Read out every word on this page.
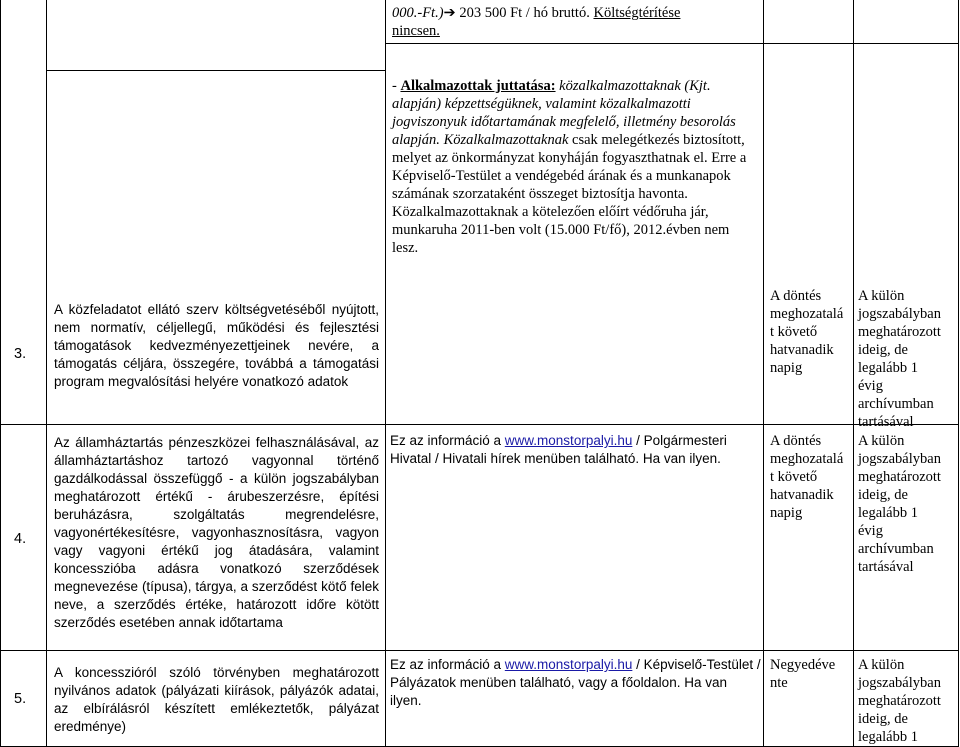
000.-Ft.)➔ 203 500 Ft / hó bruttó. Költségtérítése

nincsen.

- Alkalmazottak juttatása: közalkalmazottaknak (Kjt. alapján) képzettségüknek, valamint közalkalmazotti jogviszonyuk időtartamának megfelelő, illetmény besorolás alapján. Közalkalmazottaknak csak melegétkezés biztosított, melyet az önkormányzat konyháján fogyaszthatnak el. Erre a Képviselő-Testület a vendégebéd árának és a munkanapok számának szorzataként összeget biztosítja havonta. Közalkalmazottaknak a kötelezően előírt védőruha jár, munkaruha 2011-ben volt (15.000 Ft/fő), 2012.évben nem lesz.

3.
A közfeladatot ellátó szerv költségvetéséből nyújtott, nem normatív, céljellegű, működési és fejlesztési támogatások kedvezményezettjeinek nevére, a támogatás céljára, összegére, továbbá a támogatási program megvalósítási helyére vonatkozó adatok

A döntés

meghozatalá

t követő

hatvanadik

napig

A külön

jogszabályban

meghatározott

ideig, de

legalább 1

évig

archívumban

tartásával

4.
Az államháztartás pénzeszközei felhasználásával, az államháztartáshoz tartozó vagyonnal történő gazdálkodással összefüggő - a külön jogszabályban meghatározott értékű - árubeszerzésre, építési beruházásra, szolgáltatás megrendelésre, vagyonértékesítésre, vagyonhasznosításra, vagyon vagy vagyoni értékű jog átadására, valamint koncesszióba adásra vonatkozó szerződések megnevezése (típusa), tárgya, a szerződést kötő felek neve, a szerződés értéke, határozott időre kötött szerződés esetében annak időtartama
Ez az információ a www.monstorpalyi.hu / Polgármesteri Hivatal / Hivatali hírek menüben található. Ha van ilyen.

A döntés

meghozatalá

t követő

hatvanadik

napig

A külön

jogszabályban

meghatározott

ideig, de

legalább 1

évig

archívumban

tartásával

5.
A koncesszióról szóló törvényben meghatározott nyilvános adatok (pályázati kiírások, pályázók adatai, az elbírálásról készített emlékeztetők, pályázat eredménye)
Ez az információ a www.monstorpalyi.hu / Képviselő-Testület / Pályázatok menüben található, vagy a főoldalon. Ha van ilyen.

Negyedéve

nte

A külön

jogszabályban

meghatározott

ideig, de

legalább 1
